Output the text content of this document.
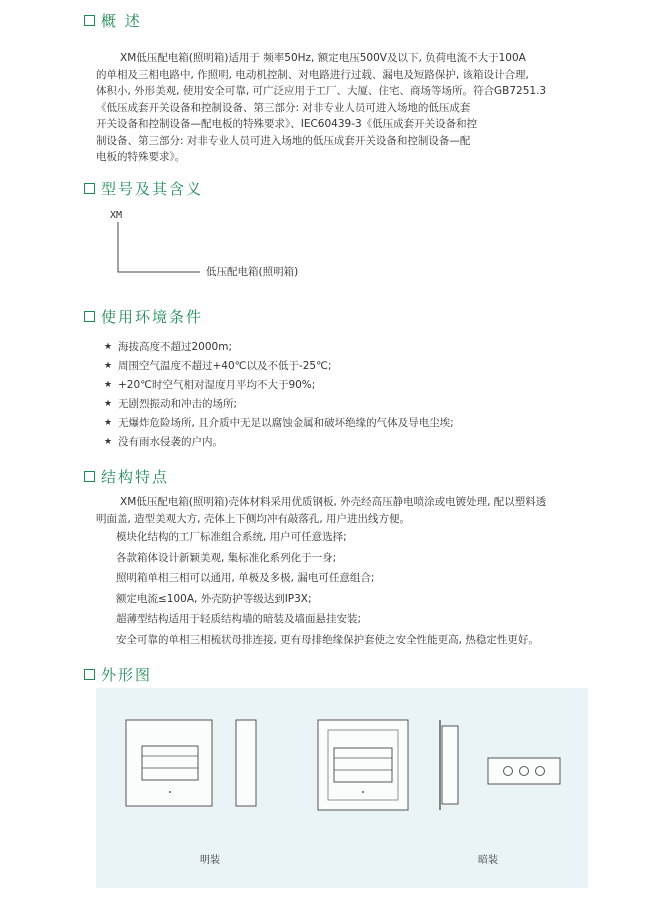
概 述
XM低压配电箱(照明箱)适用于 频率50Hz, 额定电压500V及以下, 负荷电流不大于100A
的单相及三相电路中, 作照明, 电动机控制、对电路进行过载、漏电及短路保护, 该箱设计合理,
体积小, 外形美观, 使用安全可靠, 可广泛应用于工厂、大厦、住宅、商场等场所。符合GB7251.3
《低压成套开关设备和控制设备、第三部分: 对非专业人员可进入场地的低压成套
开关设备和控制设备—配电板的特殊要求》、IEC60439-3《低压成套开关设备和控
制设备、第三部分: 对非专业人员可进入场地的低压成套开关设备和控制设备—配
电板的特殊要求》。
型号及其含义
XM
低压配电箱(照明箱)
使用环境条件
★ 海拔高度不超过2000m;
★ 周围空气温度不超过+40℃以及不低于-25℃;
★ +20℃时空气相对湿度月平均不大于90%;
★ 无剧烈振动和冲击的场所;
★ 无爆炸危险场所, 且介质中无足以腐蚀金属和破坏绝缘的气体及导电尘埃;
★ 没有雨水侵袭的户内。
结构特点
XM低压配电箱(照明箱)壳体材料采用优质钢板, 外壳经高压静电喷涂或电镀处理, 配以塑料透
明面盖, 造型美观大方, 壳体上下侧均冲有敲落孔, 用户进出线方便。
模块化结构的工厂标准组合系统, 用户可任意选择;
各款箱体设计新颖美观, 集标准化系列化于一身;
照明箱单相三相可以通用, 单极及多极, 漏电可任意组合;
额定电流≤100A, 外壳防护等级达到IP3X;
超薄型结构适用于轻质结构墙的暗装及墙面悬挂安装;
安全可靠的单相三相梳状母排连接, 更有母排绝缘保护套使之安全性能更高, 热稳定性更好。
外形图
明装	暗装
